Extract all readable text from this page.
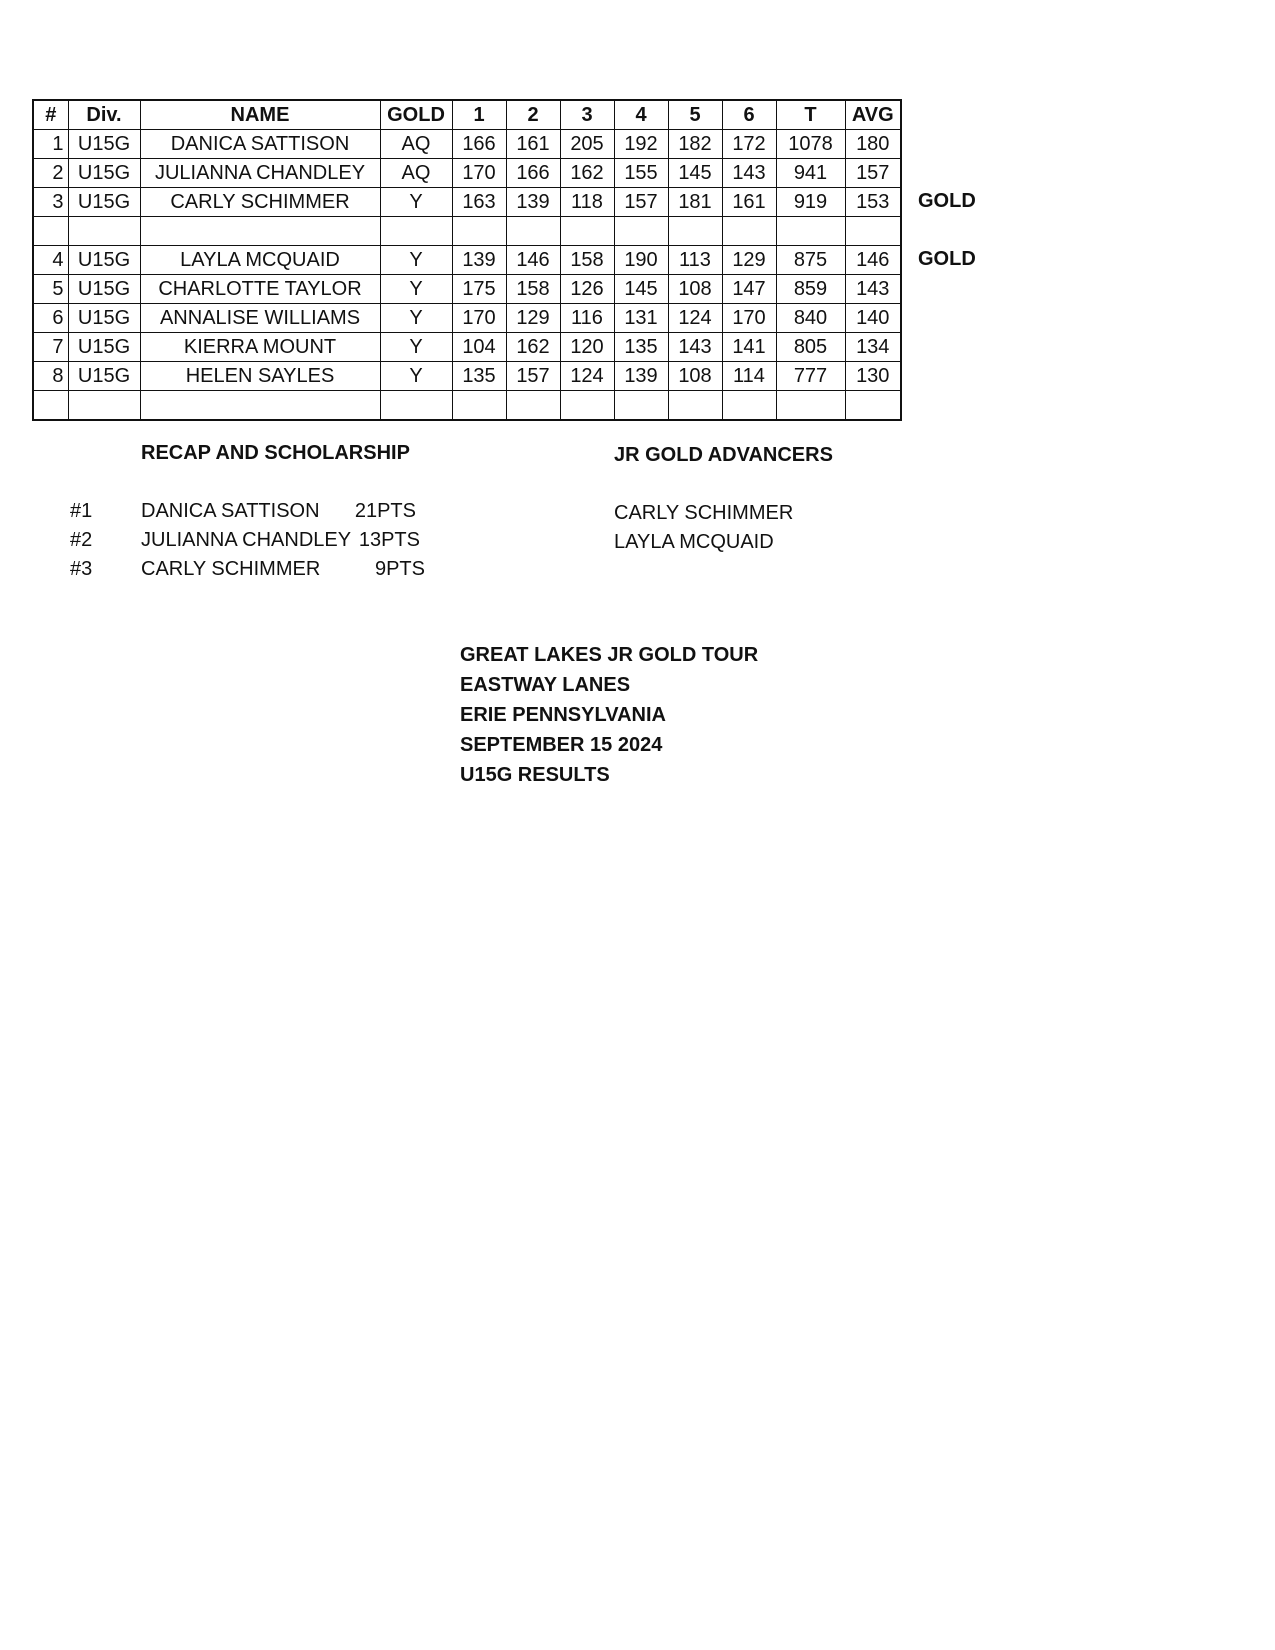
#	Div.	NAME	GOLD	1	2	3	4	5	6	T	AVG
1	U15G	DANICA SATTISON	AQ	166	161	205	192	182	172	1078	180
2	U15G	JULIANNA CHANDLEY	AQ	170	166	162	155	145	143	941	157
3	U15G	CARLY SCHIMMER	Y	163	139	118	157	181	161	919	153

4	U15G	LAYLA MCQUAID	Y	139	146	158	190	113	129	875	146
5	U15G	CHARLOTTE TAYLOR	Y	175	158	126	145	108	147	859	143
6	U15G	ANNALISE WILLIAMS	Y	170	129	116	131	124	170	840	140
7	U15G	KIERRA MOUNT	Y	104	162	120	135	143	141	805	134
8	U15G	HELEN SAYLES	Y	135	157	124	139	108	114	777	130

GOLD
GOLD
RECAP AND SCHOLARSHIP	JR GOLD ADVANCERS
#1 DANICA SATTISON	21PTS
#2 JULIANNA CHANDLEY 13PTS
#3 CARLY SCHIMMER	9PTS
CARLY SCHIMMER
LAYLA MCQUAID
GREAT LAKES JR GOLD TOUR
EASTWAY LANES
ERIE PENNSYLVANIA
SEPTEMBER 15 2024
U15G RESULTS
